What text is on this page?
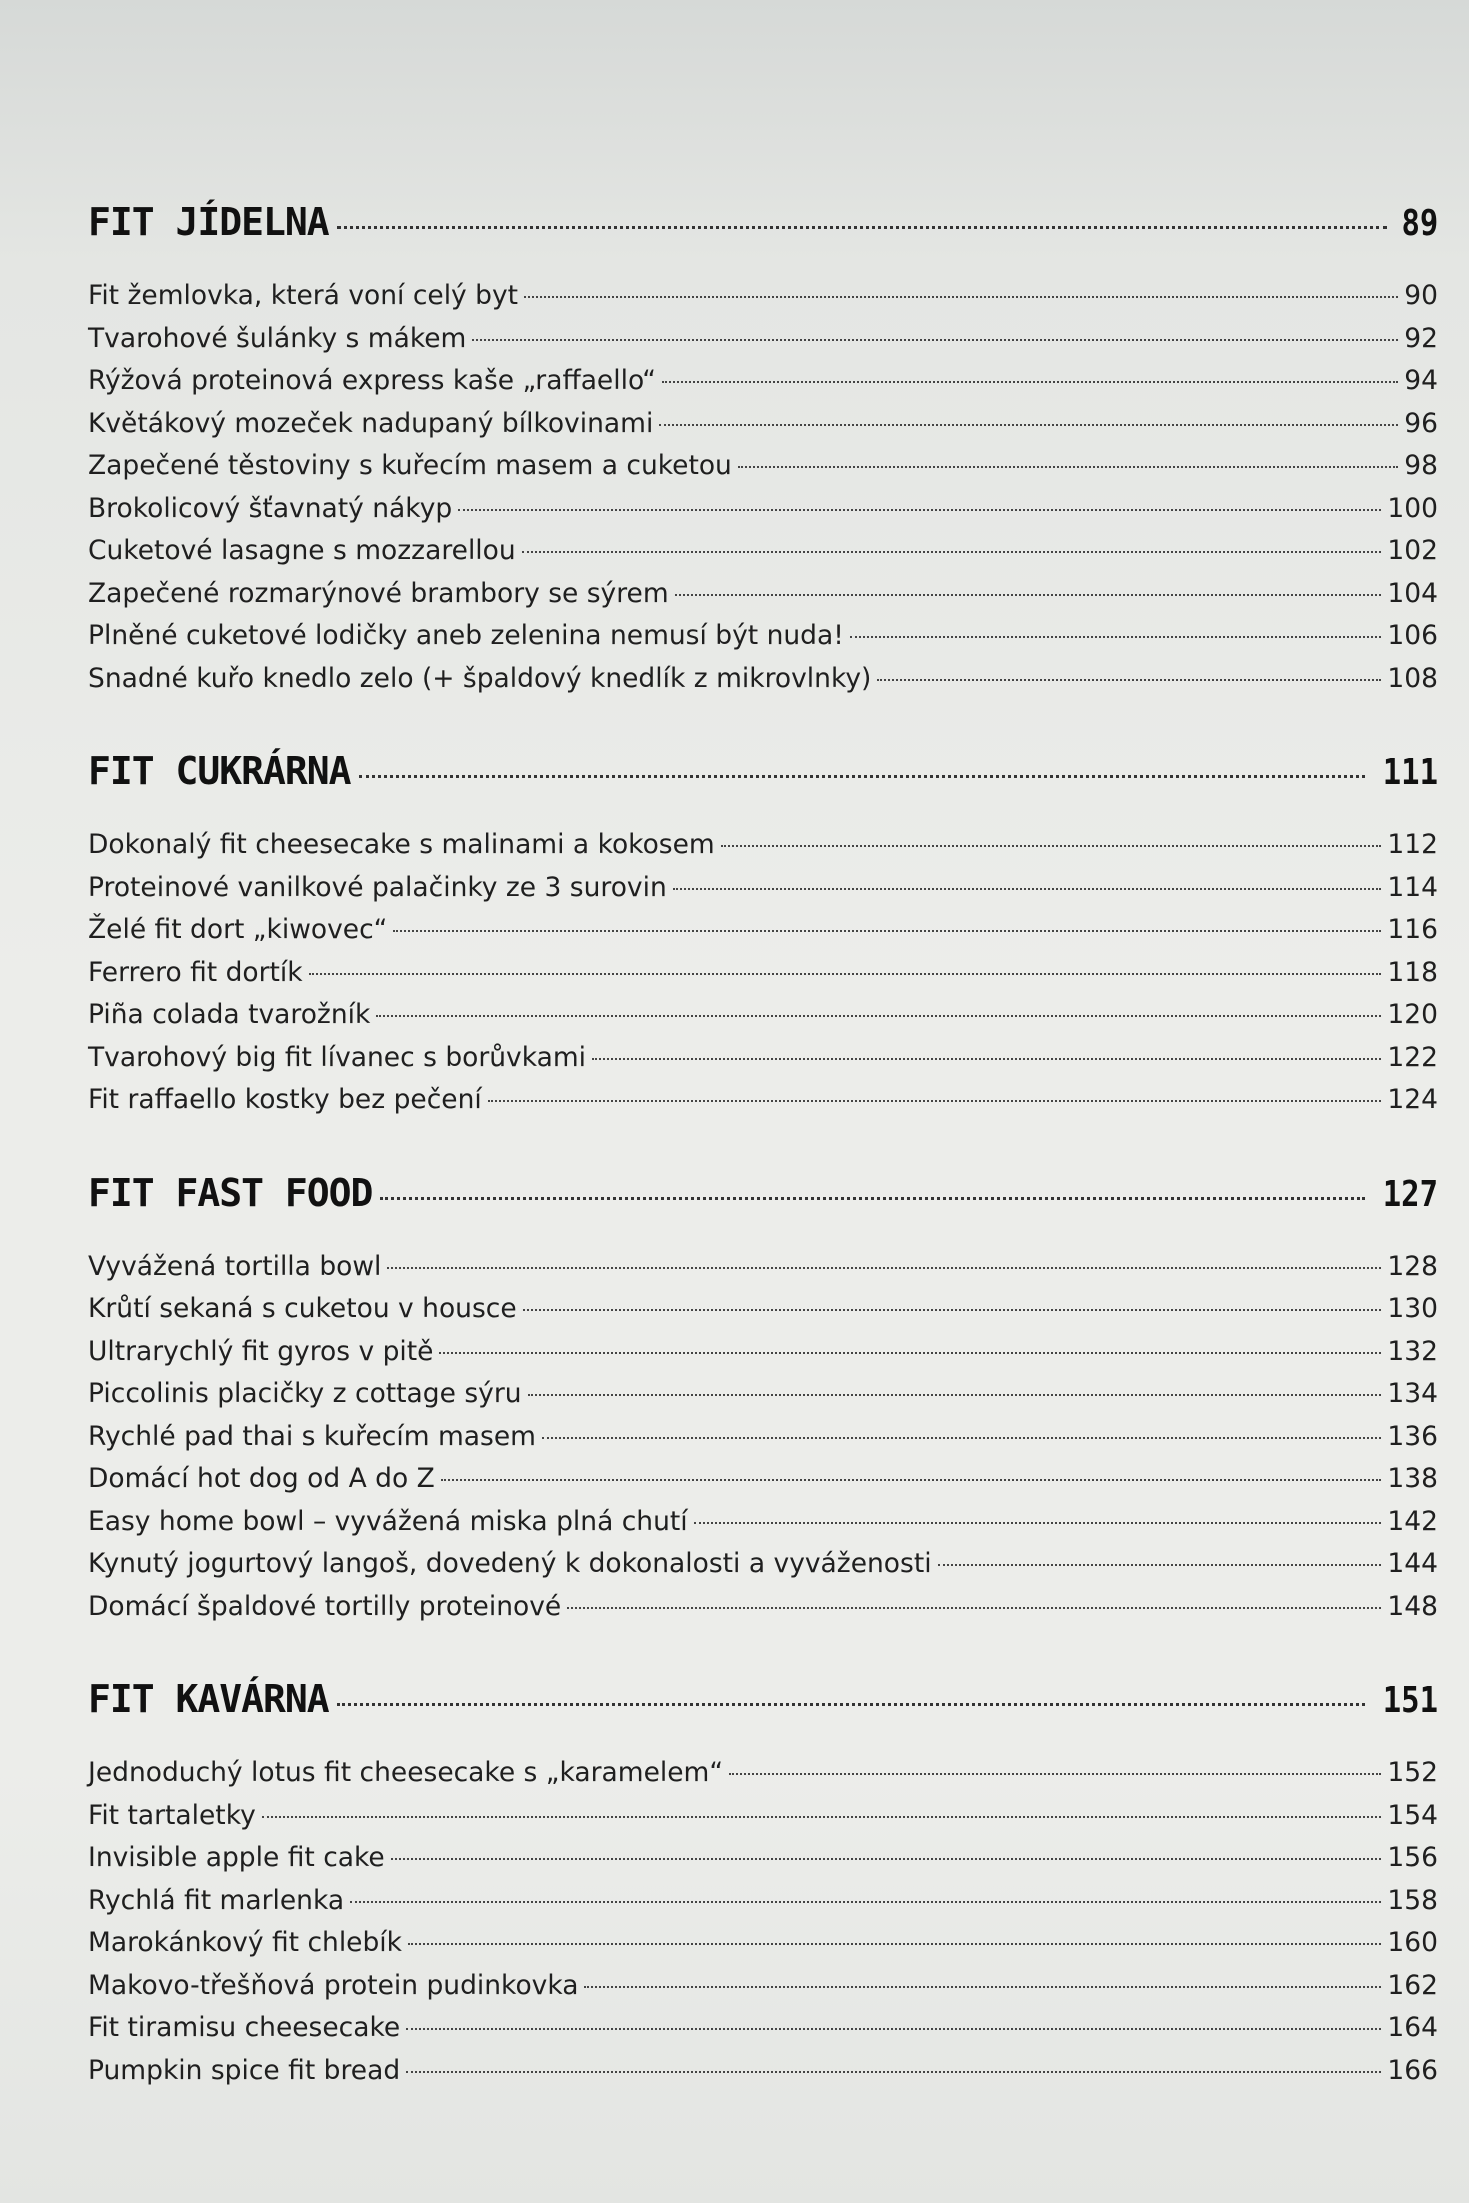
FIT JÍDELNA	89
Fit žemlovka, která voní celý byt	90
Tvarohové šulánky s mákem	92
Rýžová proteinová express kaše „raffaello“	94
Květákový mozeček nadupaný bílkovinami	96
Zapečené těstoviny s kuřecím masem a cuketou	98
Brokolicový šťavnatý nákyp	100
Cuketové lasagne s mozzarellou	102
Zapečené rozmarýnové brambory se sýrem	104
Plněné cuketové lodičky aneb zelenina nemusí být nuda!	106
Snadné kuřo knedlo zelo (+ špaldový knedlík z mikrovlnky)	108
FIT CUKRÁRNA	111
Dokonalý fit cheesecake s malinami a kokosem	112
Proteinové vanilkové palačinky ze 3 surovin	114
Želé fit dort „kiwovec“	116
Ferrero fit dortík	118
Piña colada tvarožník	120
Tvarohový big fit lívanec s borůvkami	122
Fit raffaello kostky bez pečení	124
FIT FAST FOOD	127
Vyvážená tortilla bowl	128
Krůtí sekaná s cuketou v housce	130
Ultrarychlý fit gyros v pitě	132
Piccolinis placičky z cottage sýru	134
Rychlé pad thai s kuřecím masem	136
Domácí hot dog od A do Z	138
Easy home bowl – vyvážená miska plná chutí	142
Kynutý jogurtový langoš, dovedený k dokonalosti a vyváženosti	144
Domácí špaldové tortilly proteinové	148
FIT KAVÁRNA	151
Jednoduchý lotus fit cheesecake s „karamelem“	152
Fit tartaletky	154
Invisible apple fit cake	156
Rychlá fit marlenka	158
Marokánkový fit chlebík	160
Makovo-třešňová protein pudinkovka	162
Fit tiramisu cheesecake	164
Pumpkin spice fit bread	166
